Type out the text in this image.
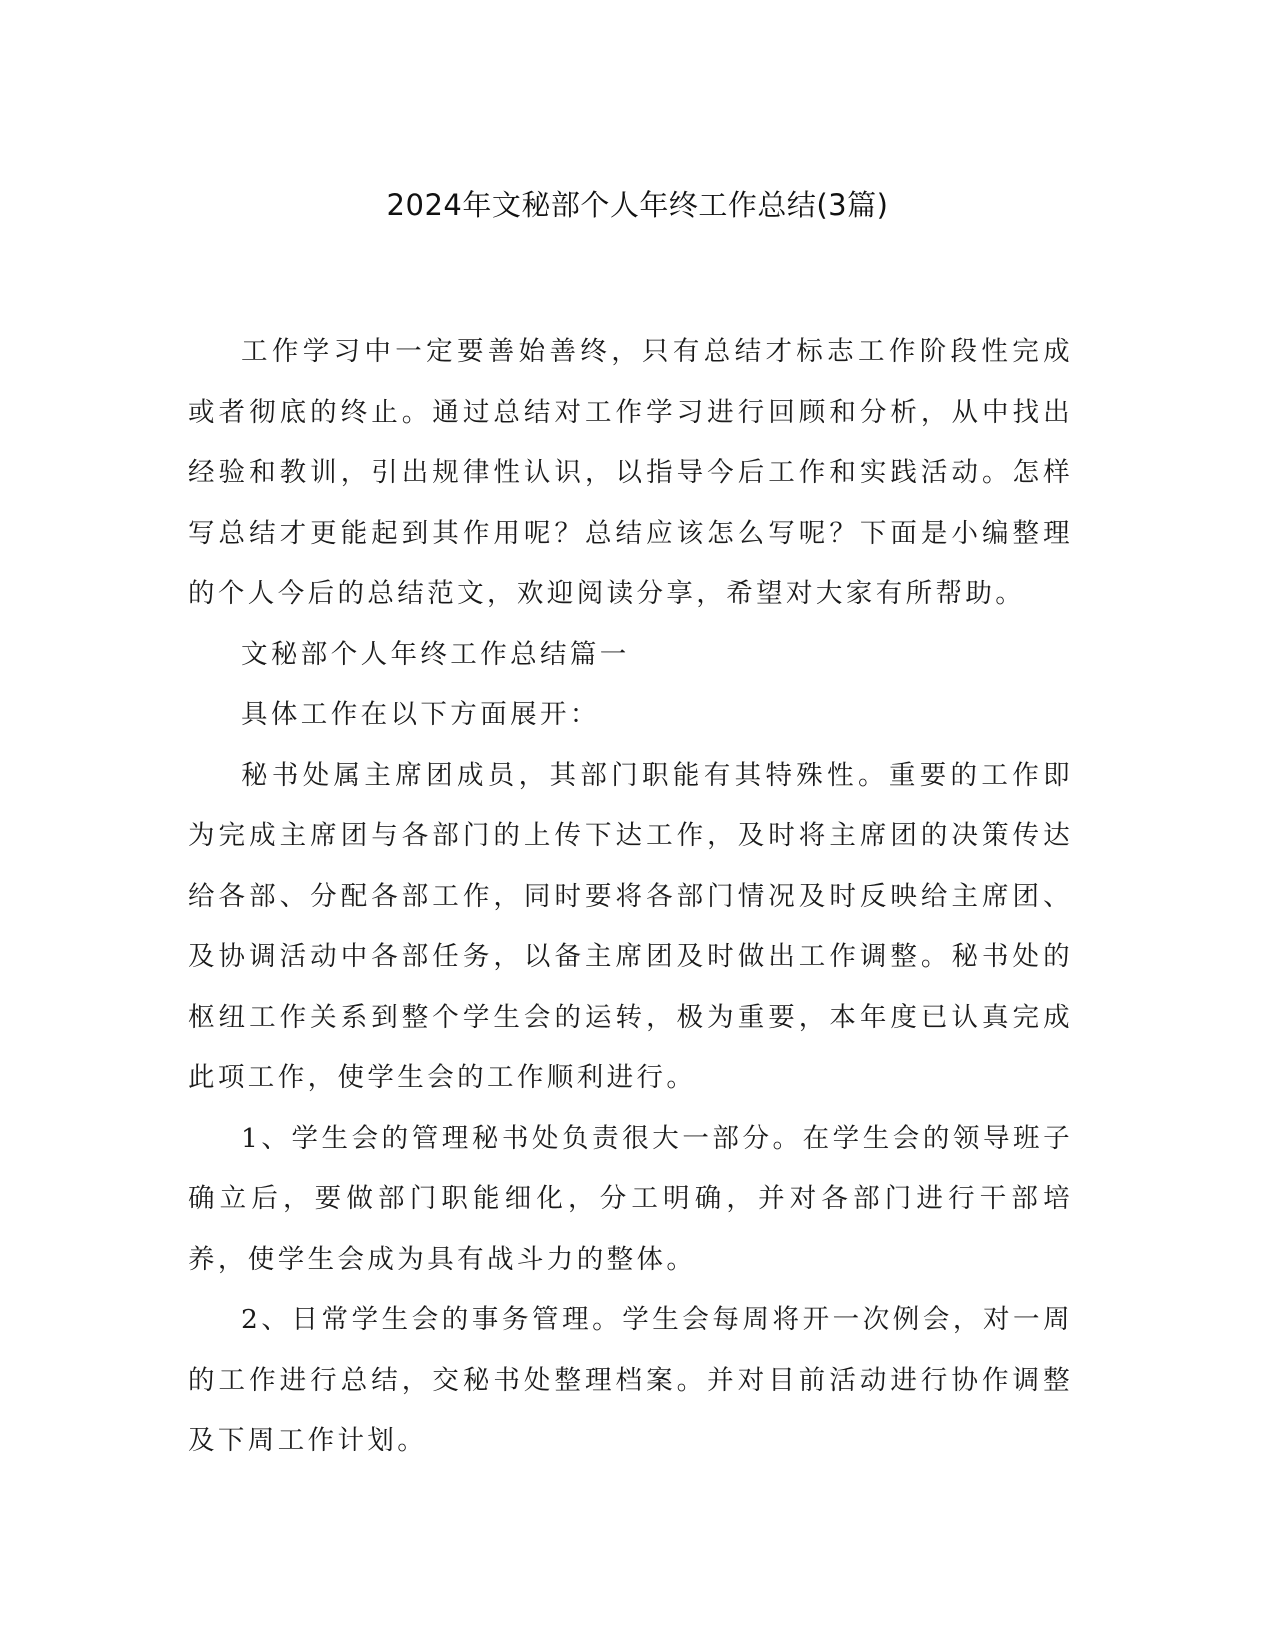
2024年文秘部个人年终工作总结(3篇)

工作学习中一定要善始善终，只有总结才标志工作阶段性完成或者彻底的终止。通过总结对工作学习进行回顾和分析，从中找出经验和教训，引出规律性认识，以指导今后工作和实践活动。怎样写总结才更能起到其作用呢？总结应该怎么写呢？下面是小编整理的个人今后的总结范文，欢迎阅读分享，希望对大家有所帮助。

文秘部个人年终工作总结篇一

具体工作在以下方面展开：

秘书处属主席团成员，其部门职能有其特殊性。重要的工作即为完成主席团与各部门的上传下达工作，及时将主席团的决策传达给各部、分配各部工作，同时要将各部门情况及时反映给主席团、及协调活动中各部任务，以备主席团及时做出工作调整。秘书处的枢纽工作关系到整个学生会的运转，极为重要，本年度已认真完成此项工作，使学生会的工作顺利进行。

1、学生会的管理秘书处负责很大一部分。在学生会的领导班子确立后，要做部门职能细化，分工明确，并对各部门进行干部培养，使学生会成为具有战斗力的整体。

2、日常学生会的事务管理。学生会每周将开一次例会，对一周的工作进行总结，交秘书处整理档案。并对目前活动进行协作调整及下周工作计划。
